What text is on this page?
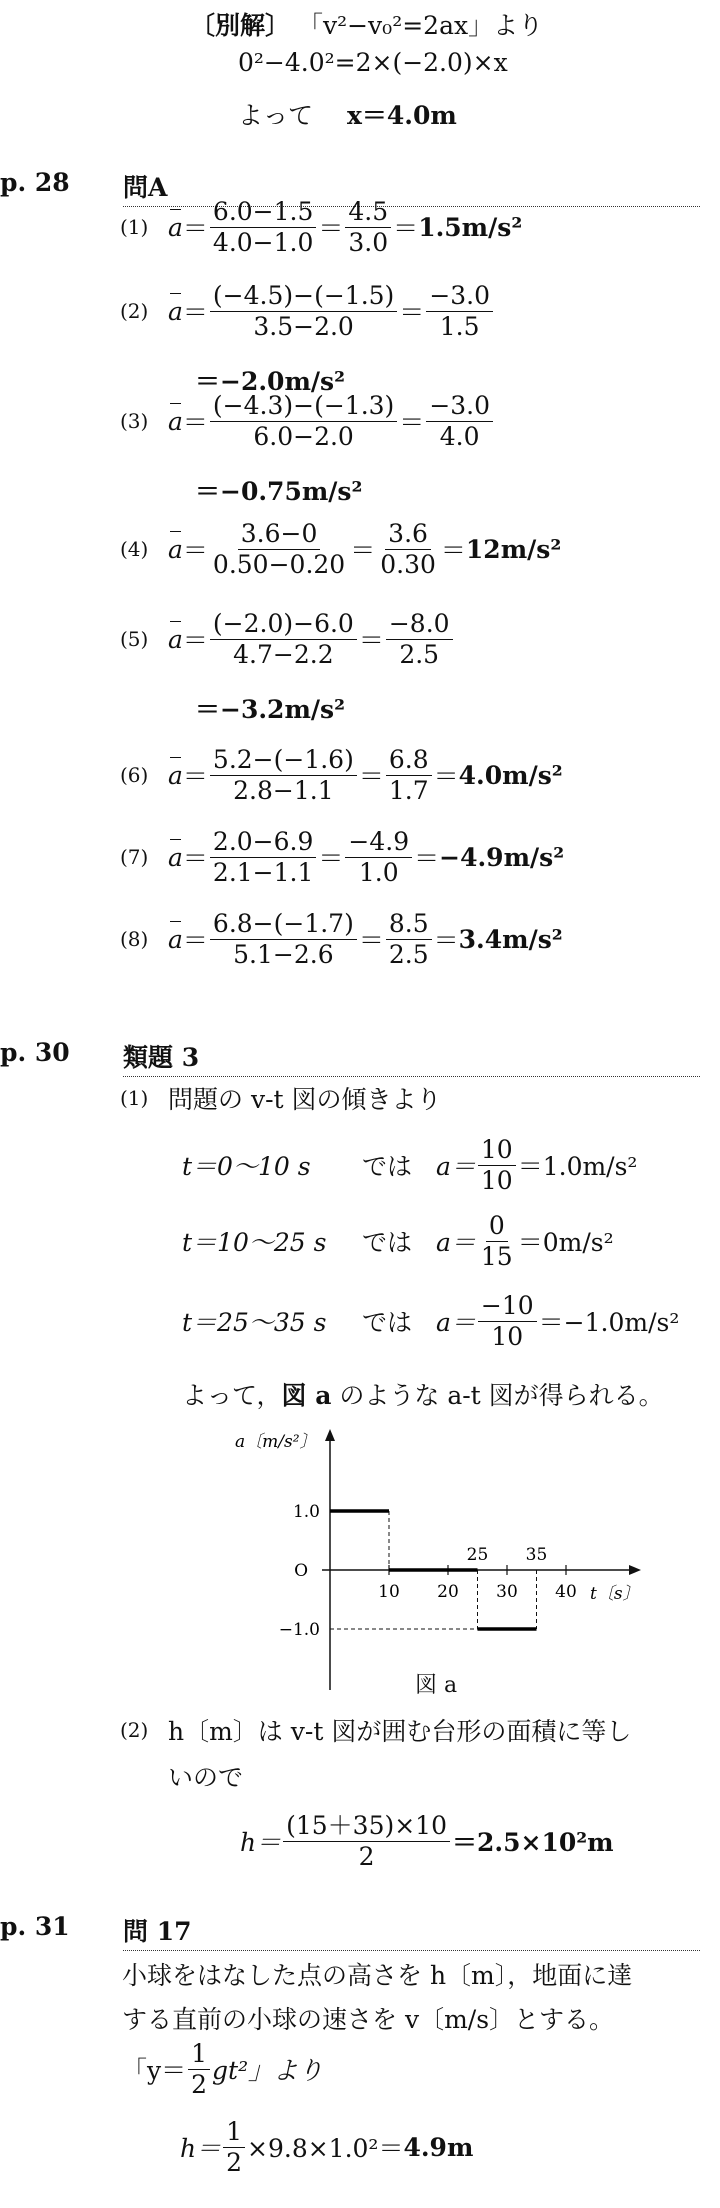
〔別解〕 「v²−v₀²=2ax」より
0²−4.0²=2×(−2.0)×x
よって x＝4.0m
p. 28 問A
(1) $a = \frac{6.0-1.5}{4.0-1.0} = \frac{4.5}{3.0} = 1.5m/s^2$
(2) $a = \frac{(-4.5)-(-1.5)}{3.5-2.0} = \frac{-3.0}{1.5}$
＝−2.0m/s²
(3) $a = \frac{(-4.3)-(-1.3)}{6.0-2.0} = \frac{-3.0}{4.0}$
＝−0.75m/s²
(4) $a = \frac{3.6-0}{0.50-0.20} = \frac{3.6}{0.30} = 12m/s^2$
(5) $a = \frac{(-2.0)-6.0}{4.7-2.2} = \frac{-8.0}{2.5}$
＝−3.2m/s²
(6) $a = \frac{5.2-(-1.6)}{2.8-1.1} = \frac{6.8}{1.7} = 4.0m/s^2$
(7) $a = \frac{2.0-6.9}{2.1-1.1} = \frac{-4.9}{1.0} = -4.9m/s^2$
(8) $a = \frac{6.8-(-1.7)}{5.1-2.6} = \frac{8.5}{2.5} = 3.4m/s^2$
p. 30 類題 3
(1) 問題の v-t 図の傾きより
t＝0〜10 s	では $a= \frac{10}{10} =1.0m/s^2$
t＝10〜25 s	では $a= \frac{0}{15} =0m/s^2$
t＝25〜35 s	では $a= \frac{-10}{10} =-1.0m/s^2$
よって，図 a のような a-t 図が得られる。
a〔m/s²〕
t〔s〕
10 20 30 40
25 35
1.0
O
−1.0
図 a
(2) h〔m〕は v-t 図が囲む台形の面積に等し
いので
$h= \frac{(15+35)\times 10}{2} =2.5\times 10^2m$
p. 31 問 17
小球をはなした点の高さを h〔m〕，地面に達
する直前の小球の速さを v〔m/s〕とする。
「$y= \frac{1}{2} gt^2$」より
$h= \frac{1}{2} \times 9.8\times 1.0^2= 4.9m$
